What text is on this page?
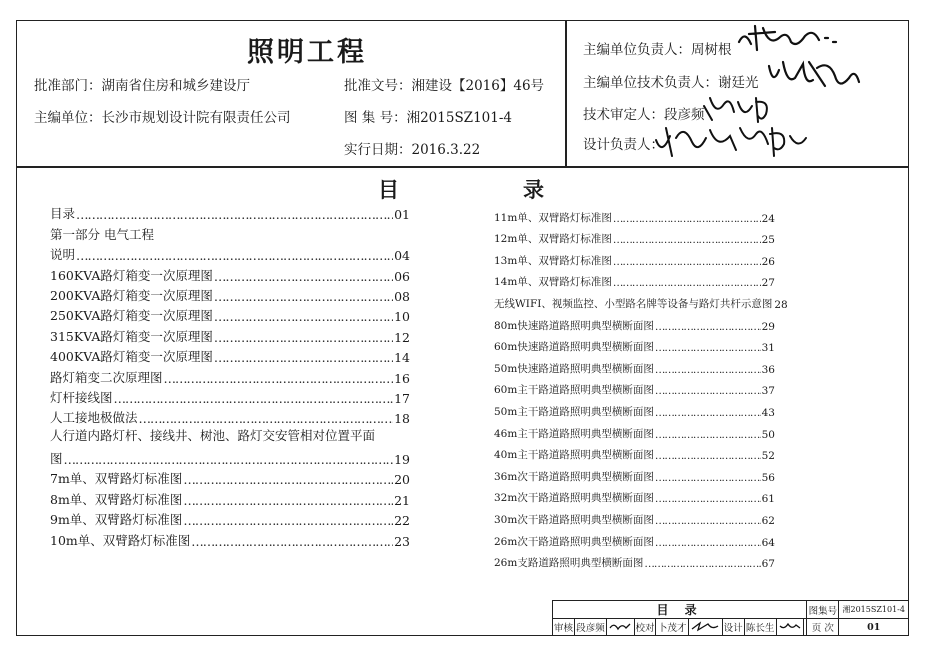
照明工程
批准部门：湖南省住房和城乡建设厅
主编单位：长沙市规划设计院有限责任公司
批准文号：湘建设【2016】46号
图 集 号：湘2015SZ101-4
实行日期：2016.3.22
主编单位负责人：周树根
主编单位技术负责人：谢廷光
技术审定人：段彦频
设计负责人：
目	录
目录 ……………………………………………………………………………………………………………………………………………………	01
第一部分 电气工程
说明 ……………………………………………………………………………………………………………………………………………………	04
160KVA路灯箱变一次原理图 ……………………………………………………………………………………………………………………………………………………	06
200KVA路灯箱变一次原理图 ……………………………………………………………………………………………………………………………………………………	08
250KVA路灯箱变一次原理图 ……………………………………………………………………………………………………………………………………………………	10
315KVA路灯箱变一次原理图 ……………………………………………………………………………………………………………………………………………………	12
400KVA路灯箱变一次原理图 ……………………………………………………………………………………………………………………………………………………	14
路灯箱变二次原理图 ……………………………………………………………………………………………………………………………………………………	16
灯杆接线图 ……………………………………………………………………………………………………………………………………………………	17
人工接地极做法 ……………………………………………………………………………………………………………………………………………………	18
人行道内路灯杆、接线井、树池、路灯交安管相对位置平面
图 ……………………………………………………………………………………………………………………………………………………	19
7m单、双臂路灯标准图 ……………………………………………………………………………………………………………………………………………………	20
8m单、双臂路灯标准图 ……………………………………………………………………………………………………………………………………………………	21
9m单、双臂路灯标准图 ……………………………………………………………………………………………………………………………………………………	22
10m单、双臂路灯标准图 ……………………………………………………………………………………………………………………………………………………	23
11m单、双臂路灯标准图 ……………………………………………………………………………………………………………………………………………………	24
12m单、双臂路灯标准图 ……………………………………………………………………………………………………………………………………………………	25
13m单、双臂路灯标准图 ……………………………………………………………………………………………………………………………………………………	26
14m单、双臂路灯标准图 ……………………………………………………………………………………………………………………………………………………	27
无线WIFI、视频监控、小型路名牌等设备与路灯共杆示意图 28
80m快速路道路照明典型横断面图 ……………………………………………………………………………………………………………………………………………………	29
60m快速路道路照明典型横断面图 ……………………………………………………………………………………………………………………………………………………	31
50m快速路道路照明典型横断面图 ……………………………………………………………………………………………………………………………………………………	36
60m主干路道路照明典型横断面图 ……………………………………………………………………………………………………………………………………………………	37
50m主干路道路照明典型横断面图 ……………………………………………………………………………………………………………………………………………………	43
46m主干路道路照明典型横断面图 ……………………………………………………………………………………………………………………………………………………	50
40m主干路道路照明典型横断面图 ……………………………………………………………………………………………………………………………………………………	52
36m次干路道路照明典型横断面图 ……………………………………………………………………………………………………………………………………………………	56
32m次干路道路照明典型横断面图 ……………………………………………………………………………………………………………………………………………………	61
30m次干路道路照明典型横断面图 ……………………………………………………………………………………………………………………………………………………	62
26m次干路道路照明典型横断面图 ……………………………………………………………………………………………………………………………………………………	64
26m支路道路照明典型横断面图 ……………………………………………………………………………………………………………………………………………………	67
目 录										图集号	湘2015SZ101-4
审核	段彦频		校对	卜茂才		设计	陈长生			页 次	01
